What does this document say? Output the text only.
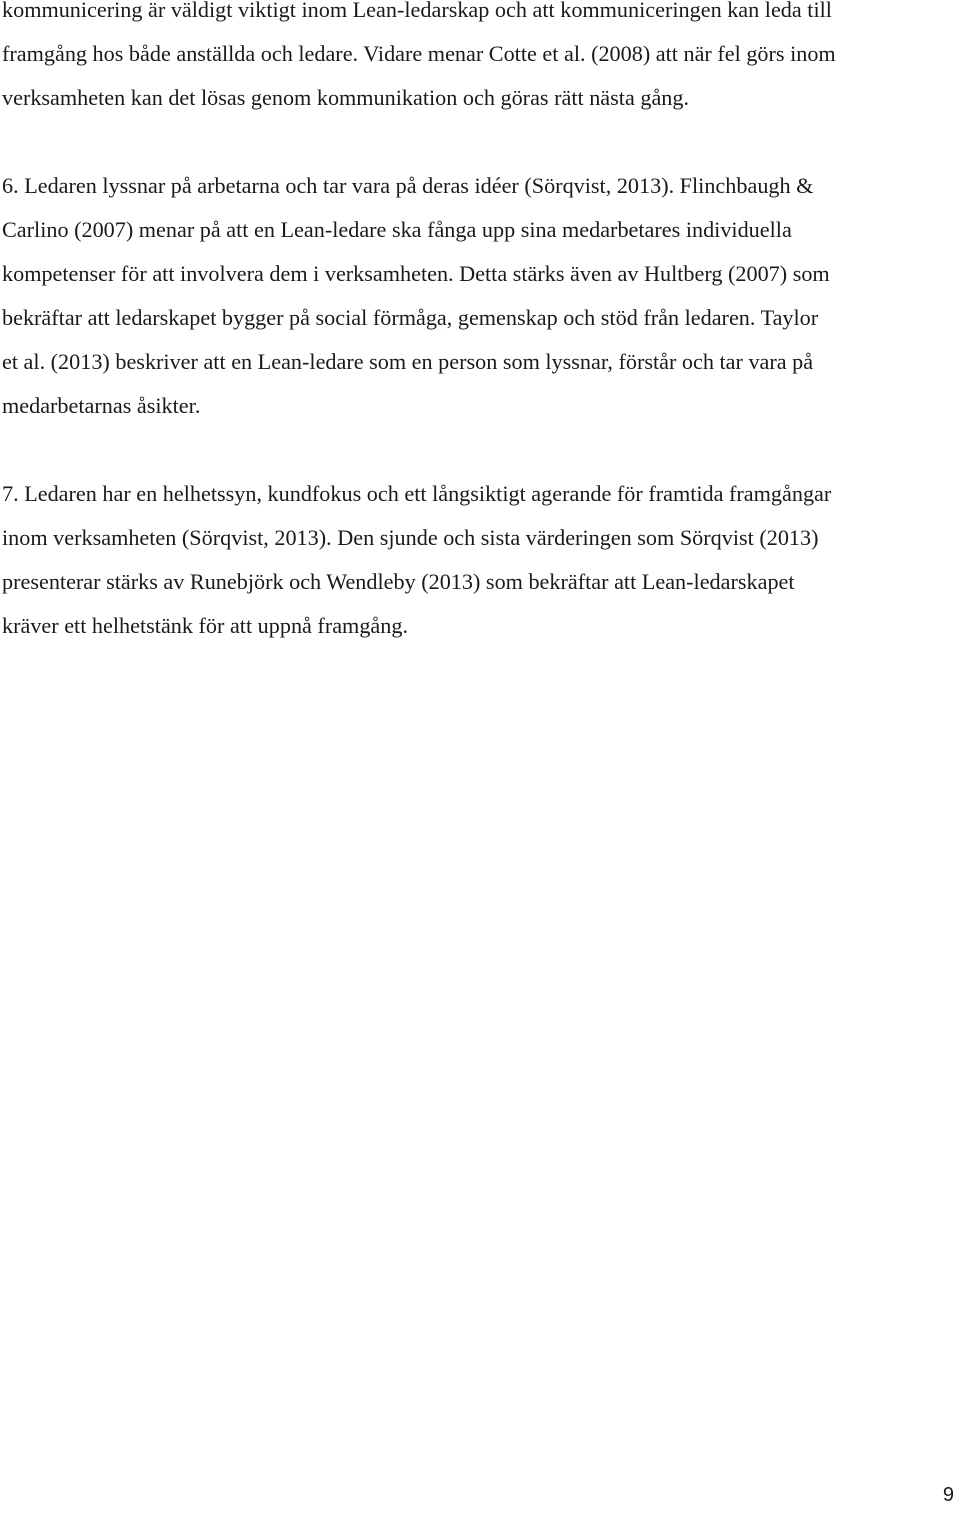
kommunicering är väldigt viktigt inom Lean-ledarskap och att kommuniceringen kan leda till
framgång hos både anställda och ledare. Vidare menar Cotte et al. (2008) att när fel görs inom
verksamheten kan det lösas genom kommunikation och göras rätt nästa gång.
6. Ledaren lyssnar på arbetarna och tar vara på deras idéer (Sörqvist, 2013). Flinchbaugh &
Carlino (2007) menar på att en Lean-ledare ska fånga upp sina medarbetares individuella
kompetenser för att involvera dem i verksamheten. Detta stärks även av Hultberg (2007) som
bekräftar att ledarskapet bygger på social förmåga, gemenskap och stöd från ledaren. Taylor
et al. (2013) beskriver att en Lean-ledare som en person som lyssnar, förstår och tar vara på
medarbetarnas åsikter.
7. Ledaren har en helhetssyn, kundfokus och ett långsiktigt agerande för framtida framgångar
inom verksamheten (Sörqvist, 2013). Den sjunde och sista värderingen som Sörqvist (2013)
presenterar stärks av Runebjörk och Wendleby (2013) som bekräftar att Lean-ledarskapet
kräver ett helhetstänk för att uppnå framgång.
9
